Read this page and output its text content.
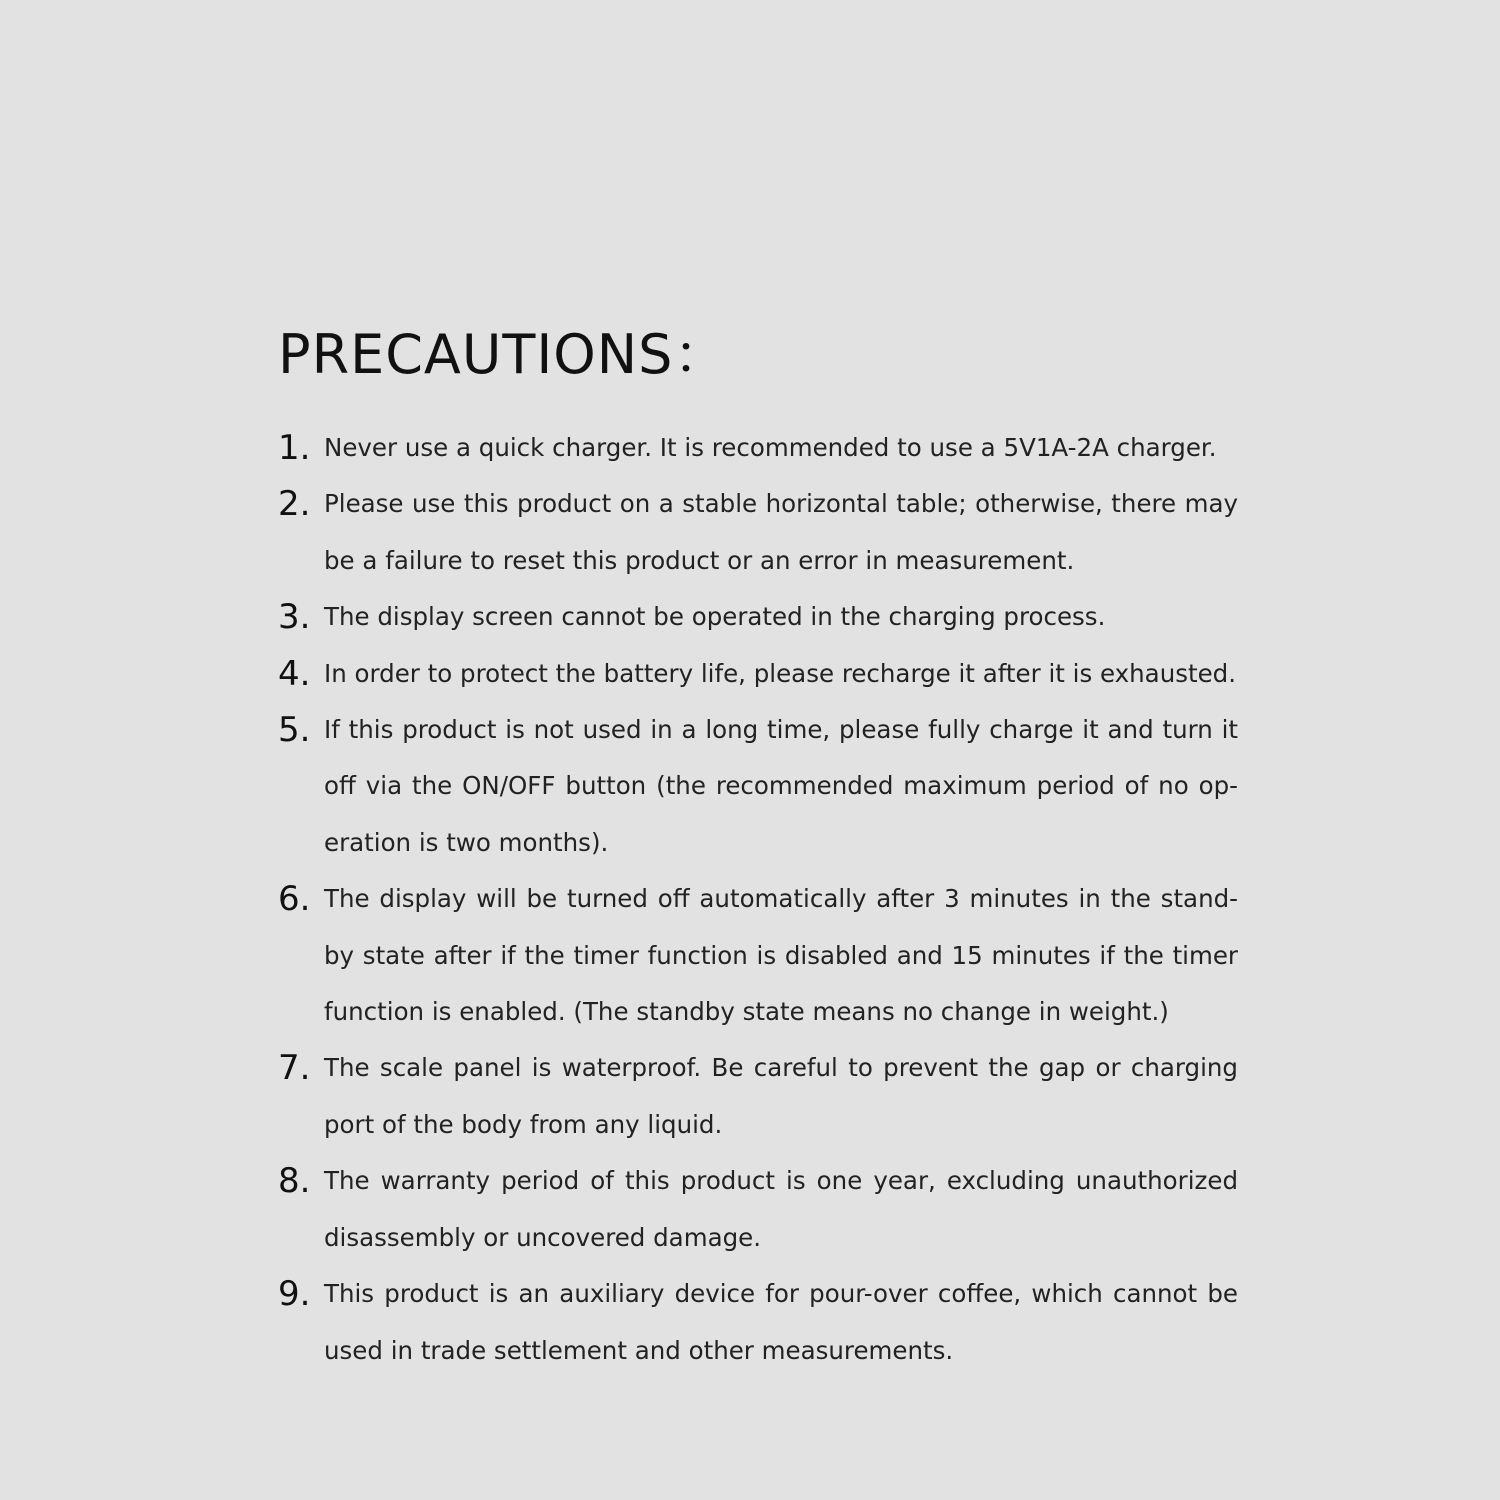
PRECAUTIONS：
1. Never use a quick charger. It is recommended to use a 5V1A-2A charger.
2. Please use this product on a stable horizontal table; otherwise, there may be a failure to reset this product or an error in measurement.
3. The display screen cannot be operated in the charging process.
4. In order to protect the battery life, please recharge it after it is exhausted.
5. If this product is not used in a long time, please fully charge it and turn it off via the ON/OFF button (the recommended maximum period of no op-eration is two months).
6. The display will be turned off automatically after 3 minutes in the stand-by state after if the timer function is disabled and 15 minutes if the timer function is enabled. (The standby state means no change in weight.)
7. The scale panel is waterproof. Be careful to prevent the gap or charging port of the body from any liquid.
8. The warranty period of this product is one year, excluding unauthorized disassembly or uncovered damage.
9. This product is an auxiliary device for pour-over coffee, which cannot be used in trade settlement and other measurements.
